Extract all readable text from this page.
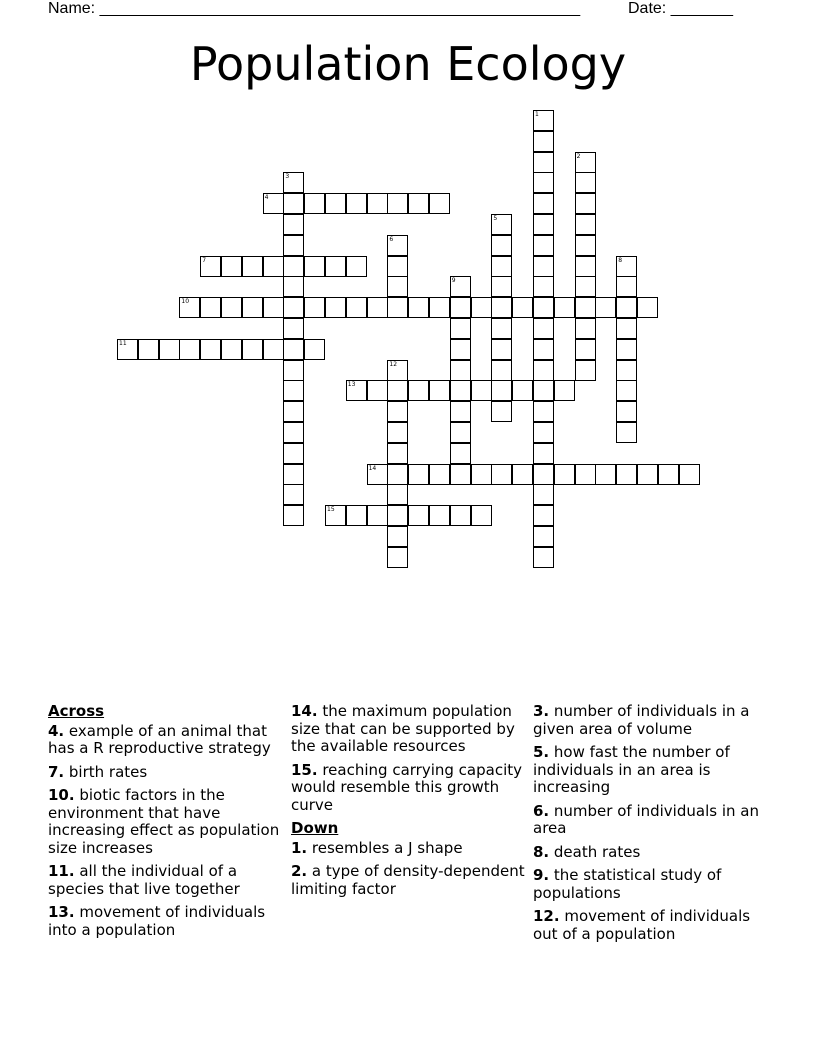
Name: ______________________________________________________	Date: _______
Population Ecology
1
2
3
4
5
6
7	8
9
10
11
12
13
14
15
Across
4. example of an animal that has a R reproductive strategy
7. birth rates
10. biotic factors in the environment that have increasing effect as population size increases
11. all the individual of a species that live together
13. movement of individuals into a population
14. the maximum population size that can be supported by the available resources
15. reaching carrying capacity would resemble this growth curve
Down
1. resembles a J shape
2. a type of density-dependent limiting factor
3. number of individuals in a given area of volume
5. how fast the number of individuals in an area is increasing
6. number of individuals in an area
8. death rates
9. the statistical study of populations
12. movement of individuals out of a population
